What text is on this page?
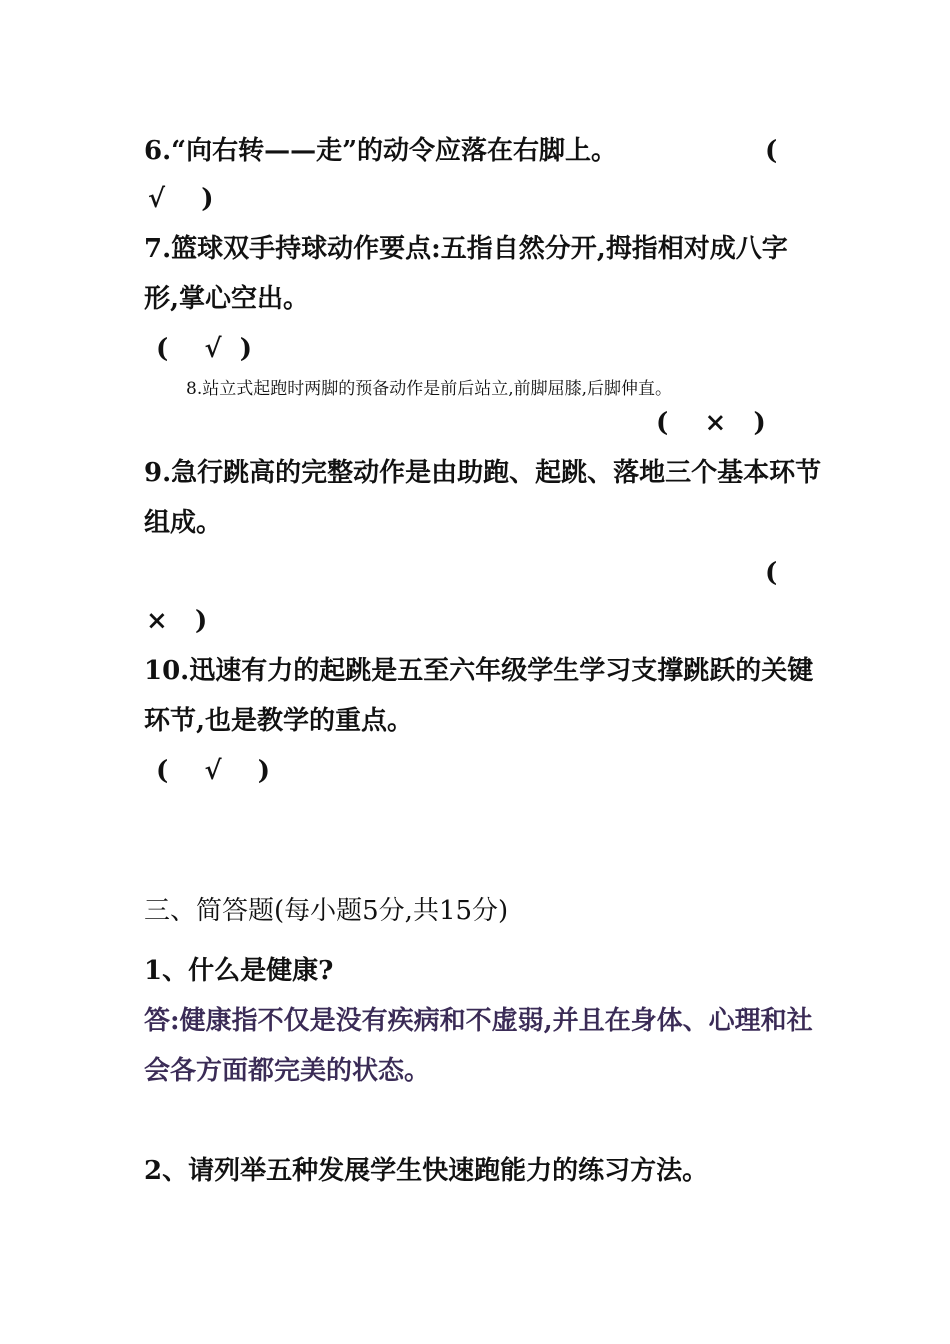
6.“向右转——走”的动令应落在右脚上。	(
√    )
7.篮球双手持球动作要点:五指自然分开,拇指相对成八字
形,掌心空出。
(    √  )
8.站立式起跑时两脚的预备动作是前后站立,前脚屈膝,后脚伸直。
(    ×   )
9.急行跳高的完整动作是由助跑、起跳、落地三个基本环节
组成。
(
×   )
10.迅速有力的起跳是五至六年级学生学习支撑跳跃的关键
环节,也是教学的重点。
(    √    )
三、简答题(每小题5分,共15分)
1、什么是健康?
答:健康指不仅是没有疾病和不虚弱,并且在身体、心理和社
会各方面都完美的状态。
2、请列举五种发展学生快速跑能力的练习方法。
